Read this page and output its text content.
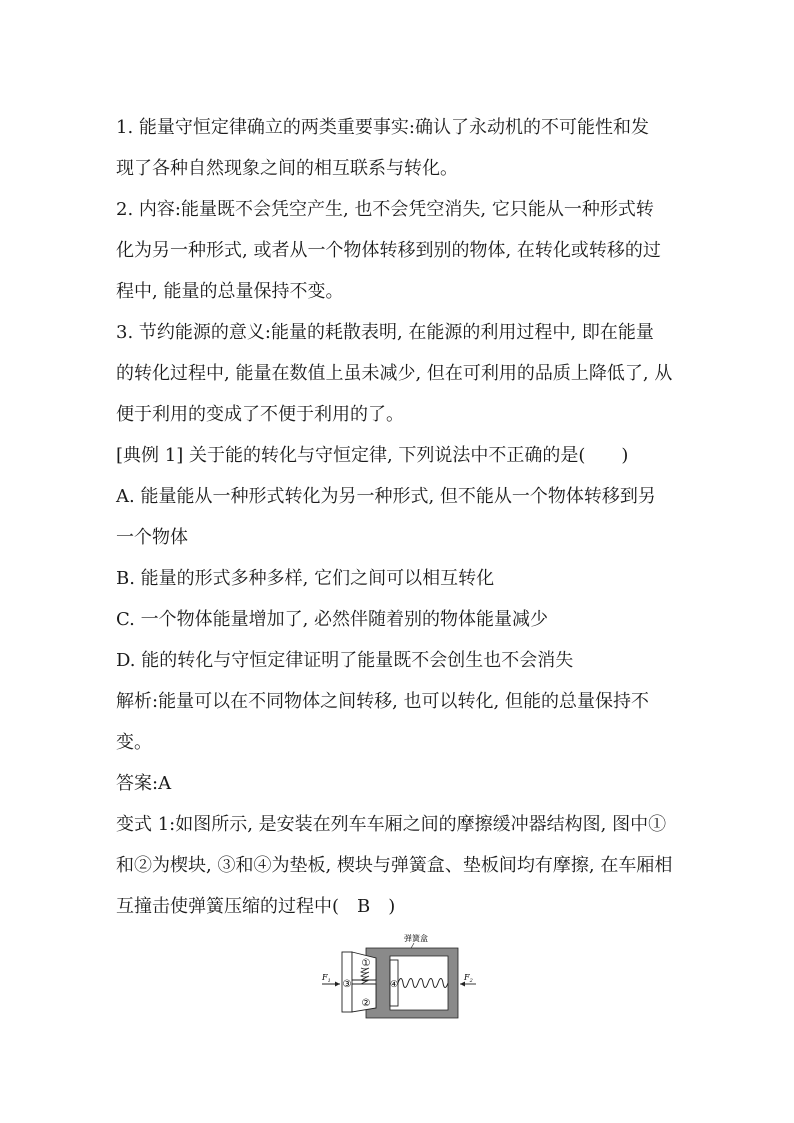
1. 能量守恒定律确立的两类重要事实:确认了永动机的不可能性和发
现了各种自然现象之间的相互联系与转化。
2. 内容:能量既不会凭空产生, 也不会凭空消失, 它只能从一种形式转
化为另一种形式, 或者从一个物体转移到别的物体, 在转化或转移的过
程中, 能量的总量保持不变。
3. 节约能源的意义:能量的耗散表明, 在能源的利用过程中, 即在能量
的转化过程中, 能量在数值上虽未减少, 但在可利用的品质上降低了, 从
便于利用的变成了不便于利用的了。
[典例 1] 关于能的转化与守恒定律, 下列说法中不正确的是(　　)
A. 能量能从一种形式转化为另一种形式, 但不能从一个物体转移到另
一个物体
B. 能量的形式多种多样, 它们之间可以相互转化
C. 一个物体能量增加了, 必然伴随着别的物体能量减少
D. 能的转化与守恒定律证明了能量既不会创生也不会消失
解析:能量可以在不同物体之间转移, 也可以转化, 但能的总量保持不
变。
答案:A
变式 1:如图所示, 是安装在列车车厢之间的摩擦缓冲器结构图, 图中①
和②为楔块, ③和④为垫板, 楔块与弹簧盒、垫板间均有摩擦, 在车厢相
互撞击使弹簧压缩的过程中(　B　)
弹簧盒
③
①
②
④
$F_1$	$F_2$
